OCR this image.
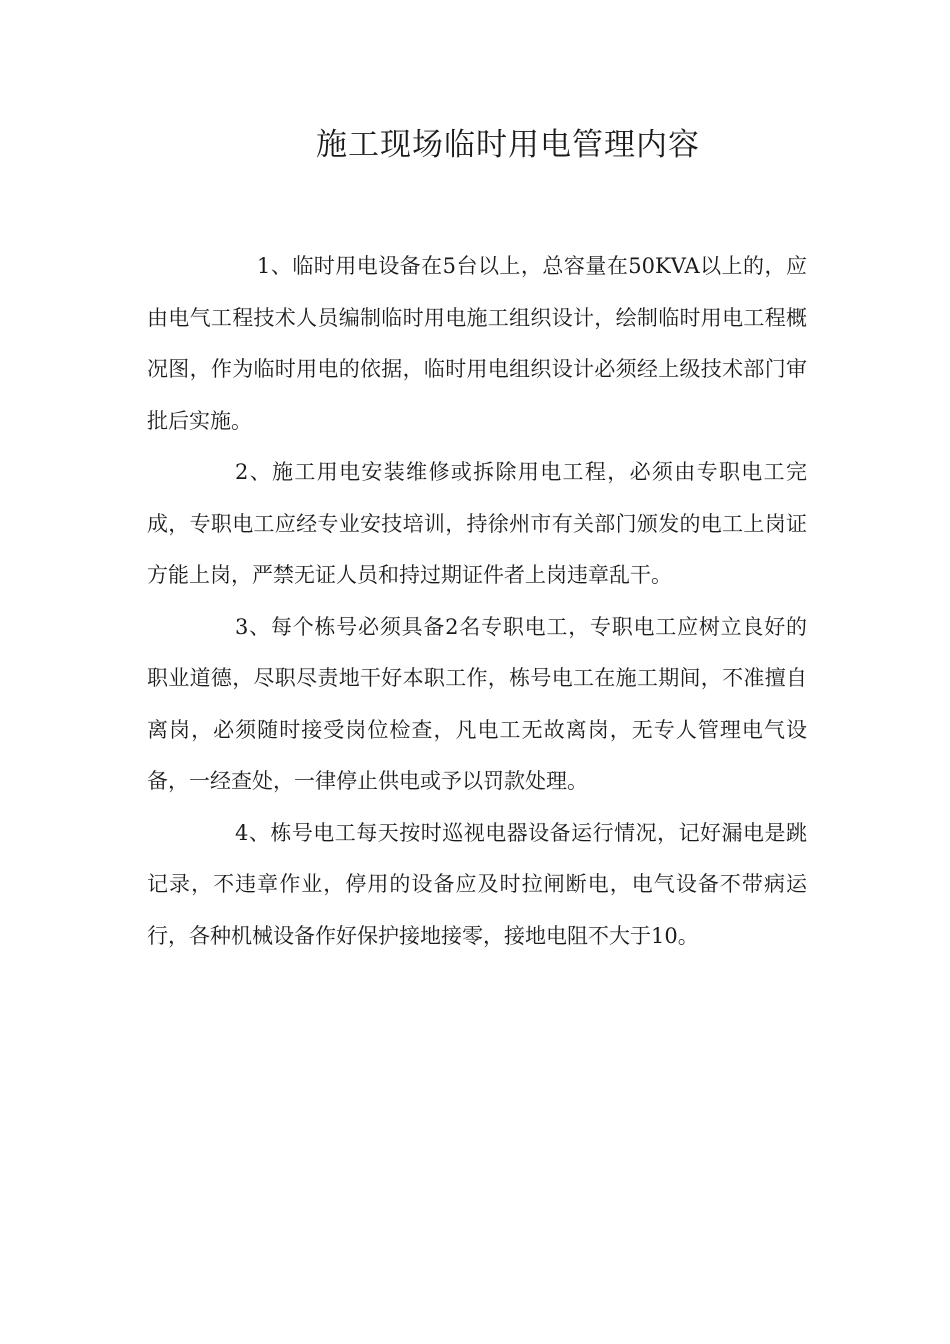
施工现场临时用电管理内容

1、临时用电设备在5台以上，总容量在50KVA以上的，应由电气工程技术人员编制临时用电施工组织设计，绘制临时用电工程概况图，作为临时用电的依据，临时用电组织设计必须经上级技术部门审批后实施。

2、施工用电安装维修或拆除用电工程，必须由专职电工完成，专职电工应经专业安技培训，持徐州市有关部门颁发的电工上岗证方能上岗，严禁无证人员和持过期证件者上岗违章乱干。

3、每个栋号必须具备2名专职电工，专职电工应树立良好的职业道德，尽职尽责地干好本职工作，栋号电工在施工期间，不准擅自离岗，必须随时接受岗位检查，凡电工无故离岗，无专人管理电气设备，一经查处，一律停止供电或予以罚款处理。

4、栋号电工每天按时巡视电器设备运行情况，记好漏电是跳记录，不违章作业，停用的设备应及时拉闸断电，电气设备不带病运行，各种机械设备作好保护接地接零，接地电阻不大于10。
